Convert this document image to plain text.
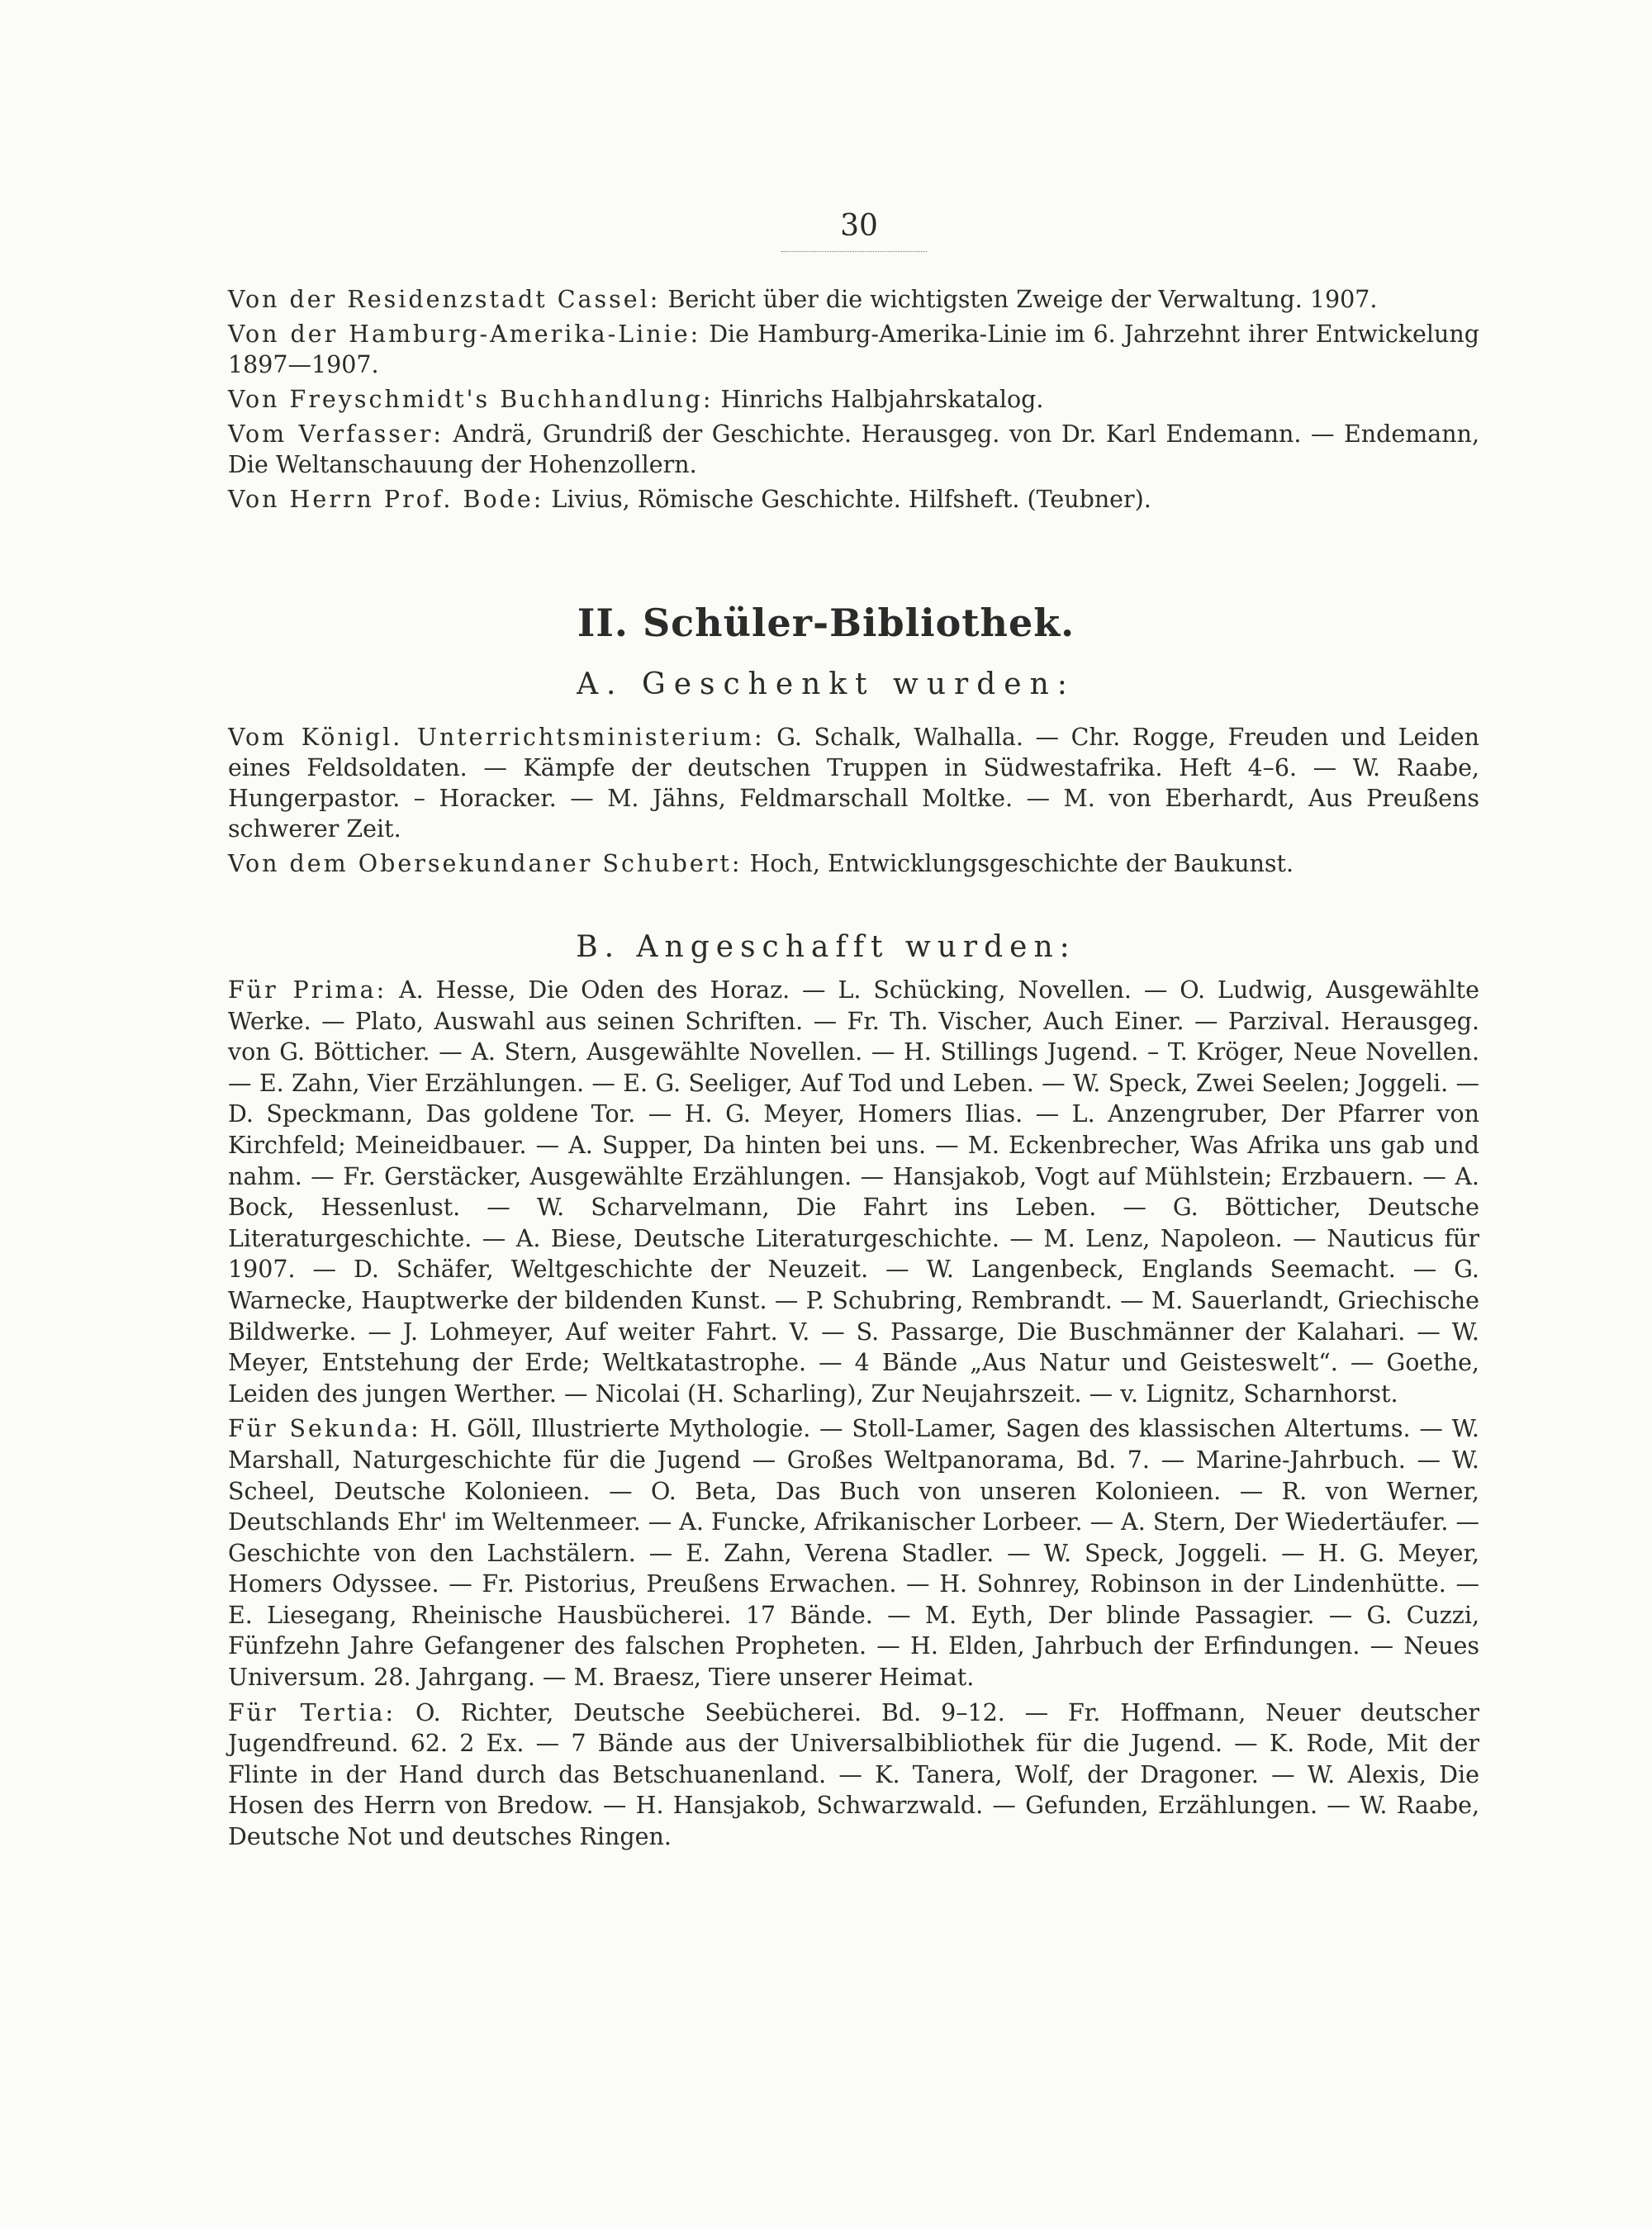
30

Von der Residenzstadt Cassel: Bericht über die wichtigsten Zweige der Verwaltung. 1907.

Von der Hamburg-Amerika-Linie: Die Hamburg-Amerika-Linie im 6. Jahrzehnt ihrer Entwickelung 1897—1907.

Von Freyschmidt's Buchhandlung: Hinrichs Halbjahrskatalog.

Vom Verfasser: Andrä, Grundriß der Geschichte. Herausgeg. von Dr. Karl Endemann. — Endemann, Die Weltanschauung der Hohenzollern.

Von Herrn Prof. Bode: Livius, Römische Geschichte. Hilfsheft. (Teubner).

II. Schüler-Bibliothek.
A. Geschenkt wurden:

Vom Königl. Unterrichtsministerium: G. Schalk, Walhalla. — Chr. Rogge, Freuden und Leiden eines Feldsoldaten. — Kämpfe der deutschen Truppen in Südwestafrika. Heft 4–6. — W. Raabe, Hungerpastor. – Horacker. — M. Jähns, Feldmarschall Moltke. — M. von Eberhardt, Aus Preußens schwerer Zeit.

Von dem Obersekundaner Schubert: Hoch, Entwicklungsgeschichte der Baukunst.

B. Angeschafft wurden:

Für Prima: A. Hesse, Die Oden des Horaz. — L. Schücking, Novellen. — O. Ludwig, Ausgewählte Werke. — Plato, Auswahl aus seinen Schriften. — Fr. Th. Vischer, Auch Einer. — Parzival. Herausgeg. von G. Bötticher. — A. Stern, Ausgewählte Novellen. — H. Stillings Jugend. – T. Kröger, Neue Novellen. — E. Zahn, Vier Erzählungen. — E. G. Seeliger, Auf Tod und Leben. — W. Speck, Zwei Seelen; Joggeli. — D. Speckmann, Das goldene Tor. — H. G. Meyer, Homers Ilias. — L. Anzengruber, Der Pfarrer von Kirchfeld; Meineidbauer. — A. Supper, Da hinten bei uns. — M. Eckenbrecher, Was Afrika uns gab und nahm. — Fr. Gerstäcker, Ausgewählte Erzählungen. — Hansjakob, Vogt auf Mühlstein; Erzbauern. — A. Bock, Hessenlust. — W. Scharvelmann, Die Fahrt ins Leben. — G. Bötticher, Deutsche Literaturgeschichte. — A. Biese, Deutsche Literaturgeschichte. — M. Lenz, Napoleon. — Nauticus für 1907. — D. Schäfer, Weltgeschichte der Neuzeit. — W. Langenbeck, Englands Seemacht. — G. Warnecke, Hauptwerke der bildenden Kunst. — P. Schubring, Rembrandt. — M. Sauerlandt, Griechische Bildwerke. — J. Lohmeyer, Auf weiter Fahrt. V. — S. Passarge, Die Buschmänner der Kalahari. — W. Meyer, Entstehung der Erde; Weltkatastrophe. — 4 Bände „Aus Natur und Geisteswelt“. — Goethe, Leiden des jungen Werther. — Nicolai (H. Scharling), Zur Neujahrszeit. — v. Lignitz, Scharnhorst.

Für Sekunda: H. Göll, Illustrierte Mythologie. — Stoll-Lamer, Sagen des klassischen Altertums. — W. Marshall, Naturgeschichte für die Jugend — Großes Weltpanorama, Bd. 7. — Marine-Jahrbuch. — W. Scheel, Deutsche Kolonieen. — O. Beta, Das Buch von unseren Kolonieen. — R. von Werner, Deutschlands Ehr' im Weltenmeer. — A. Funcke, Afrikanischer Lorbeer. — A. Stern, Der Wiedertäufer. — Geschichte von den Lachstälern. — E. Zahn, Verena Stadler. — W. Speck, Joggeli. — H. G. Meyer, Homers Odyssee. — Fr. Pistorius, Preußens Erwachen. — H. Sohnrey, Robinson in der Lindenhütte. — E. Liesegang, Rheinische Hausbücherei. 17 Bände. — M. Eyth, Der blinde Passagier. — G. Cuzzi, Fünfzehn Jahre Gefangener des falschen Propheten. — H. Elden, Jahrbuch der Erfindungen. — Neues Universum. 28. Jahrgang. — M. Braesz, Tiere unserer Heimat.

Für Tertia: O. Richter, Deutsche Seebücherei. Bd. 9–12. — Fr. Hoffmann, Neuer deutscher Jugendfreund. 62. 2 Ex. — 7 Bände aus der Universalbibliothek für die Jugend. — K. Rode, Mit der Flinte in der Hand durch das Betschuanenland. — K. Tanera, Wolf, der Dragoner. — W. Alexis, Die Hosen des Herrn von Bredow. — H. Hansjakob, Schwarzwald. — Gefunden, Erzählungen. — W. Raabe, Deutsche Not und deutsches Ringen.
